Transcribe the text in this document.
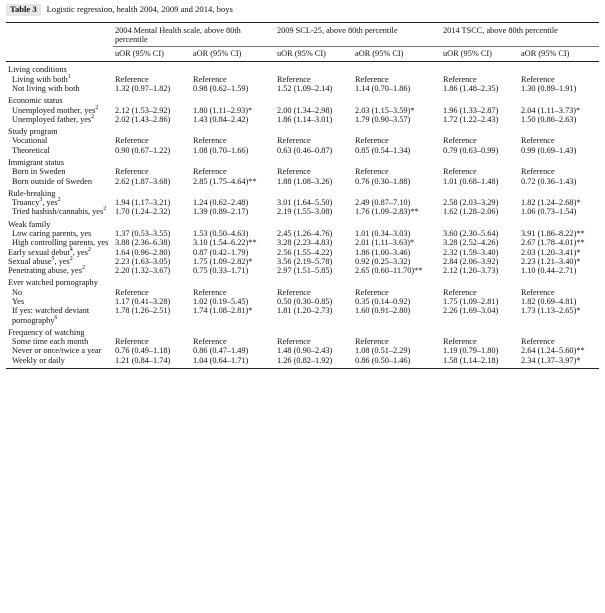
Table 3	Logistic regression, health 2004, 2009 and 2014, boys
	2004 Mental Health scale, above 80th percentile		2009 SCL-25, above 80th percentile		2014 TSCC, above 80th percentile	
	uOR (95% CI)	aOR (95% CI)	uOR (95% CI)	aOR (95% CI)	uOR (95% CI)	aOR (95% CI)
Living conditions						
Living with both$^1$	Reference	Reference	Reference	Reference	Reference	Reference
Not living with both	1.32 (0.97–1.82)	0.98 (0.62–1.59)	1.52 (1.09–2.14)	1.14 (0.70–1.86)	1.86 (1.48–2.35)	1.30 (0.89–1.91)
Economic status						
Unemployed mother, yes$^2$	2.12 (1.53–2.92)	1.80 (1.11–2.93)*	2.00 (1.34–2.98)	2.03 (1.15–3.59)*	1.96 (1.33–2.87)	2.04 (1.11–3.73)*
Unemployed father, yes$^2$	2.02 (1.43–2.86)	1.43 (0.84–2.42)	1.86 (1.14–3.01)	1.79 (0.90–3.57)	1.72 (1.22–2.43)	1.50 (0.86–2.63)
Study program						
Vocational	Reference	Reference	Reference	Reference	Reference	Reference
Theoretical	0.90 (0.67–1.22)	1.08 (0.70–1.66)	0.63 (0.46–0.87)	0.85 (0.54–1.34)	0.79 (0.63–0.99)	0.99 (0.69–1.43)
Immigrant status						
Born in Sweden	Reference	Reference	Reference	Reference	Reference	Reference
Born outside of Sweden	2.62 (1.87–3.68)	2.85 (1.75–4.64)**	1.88 (1.08–3.26)	0.76 (0.30–1.88)	1.01 (0.68–1.48)	0.72 (0.36–1.43)
Rule-breaking						
Truancy$^3$, yes$^2$	1.94 (1.17–3.21)	1.24 (0.62–2.48)	3.01 (1.64–5.50)	2.49 (0.87–7.10)	2.58 (2.03–3.29)	1.82 (1.24–2.68)*
Tried hashish/cannabis, yes$^2$	1.70 (1.24–2.32)	1.39 (0.89–2.17)	2.19 (1.55–3.08)	1.76 (1.09–2.83)**	1.62 (1.28–2.06)	1.06 (0.73–1.54)
Weak family						
Low caring parents, yes	1.37 (0.53–3.55)	1.53 (0.50–4.63)	2.45 (1.26–4.76)	1.01 (0.34–3.03)	3.60 (2.30–5.64)	3.91 (1.86–8.22)**
High controlling parents, yes	3.88 (2.36–6.38)	3.10 (1.54–6.22)**	3.28 (2.23–4.83)	2.01 (1.11–3.63)*	3.28 (2.52–4.26)	2.67 (1.78–4.01)**
Early sexual debut$^4$, yes$^2$	1.64 (0.96–2.80)	0.87 (0.42–1.79)	2.56 (1.55–4.22)	1.86 (1.00–3.46)	2.32 (1.59–3.40)	2.03 (1.20–3.41)*
Sexual abuse$^5$, yes$^2$	2.23 (1.63–3.05)	1.75 (1.09–2.82)*	3.56 (2.19–5.78)	0.92 (0.25–3.32)	2.84 (2.06–3.92)	2.23 (1.21–3.40)*
Penetrating abuse, yes$^2$	2.20 (1.32–3.67)	0.75 (0.33–1.71)	2.97 (1.51–5.85)	2.65 (0.60–11.70)**	2.12 (1.20–3.73)	1.10 (0.44–2.71)
Ever watched pornography						
No	Reference	Reference	Reference	Reference	Reference	Reference
Yes	1.17 (0.41–3.28)	1.02 (0.19–5.45)	0.50 (0.30–0.85)	0.35 (0.14–0.92)	1.75 (1.09–2.81)	1.82 (0.69–4.81)
If yes: watched deviant pornography$^6$	1.78 (1.26–2.51)	1.74 (1.08–2.81)*	1.81 (1.20–2.73)	1.60 (0.91–2.80)	2.26 (1.69–3.04)	1.73 (1.13–2.65)*
Frequency of watching						
Some time each month	Reference	Reference	Reference	Reference	Reference	Reference
Never or once/twice a year	0.76 (0.49–1.18)	0.86 (0.47–1.49)	1.48 (0.90–2.43)	1.08 (0.51–2.29)	1.19 (0.79–1.80)	2.64 (1.24–5.60)**
Weekly or daily	1.21 (0.84–1.74)	1.04 (0.64–1.71)	1.26 (0.82–1.92)	0.86 (0.50–1.46)	1.58 (1.14–2.18)	2.34 (1.37–3.97)*
